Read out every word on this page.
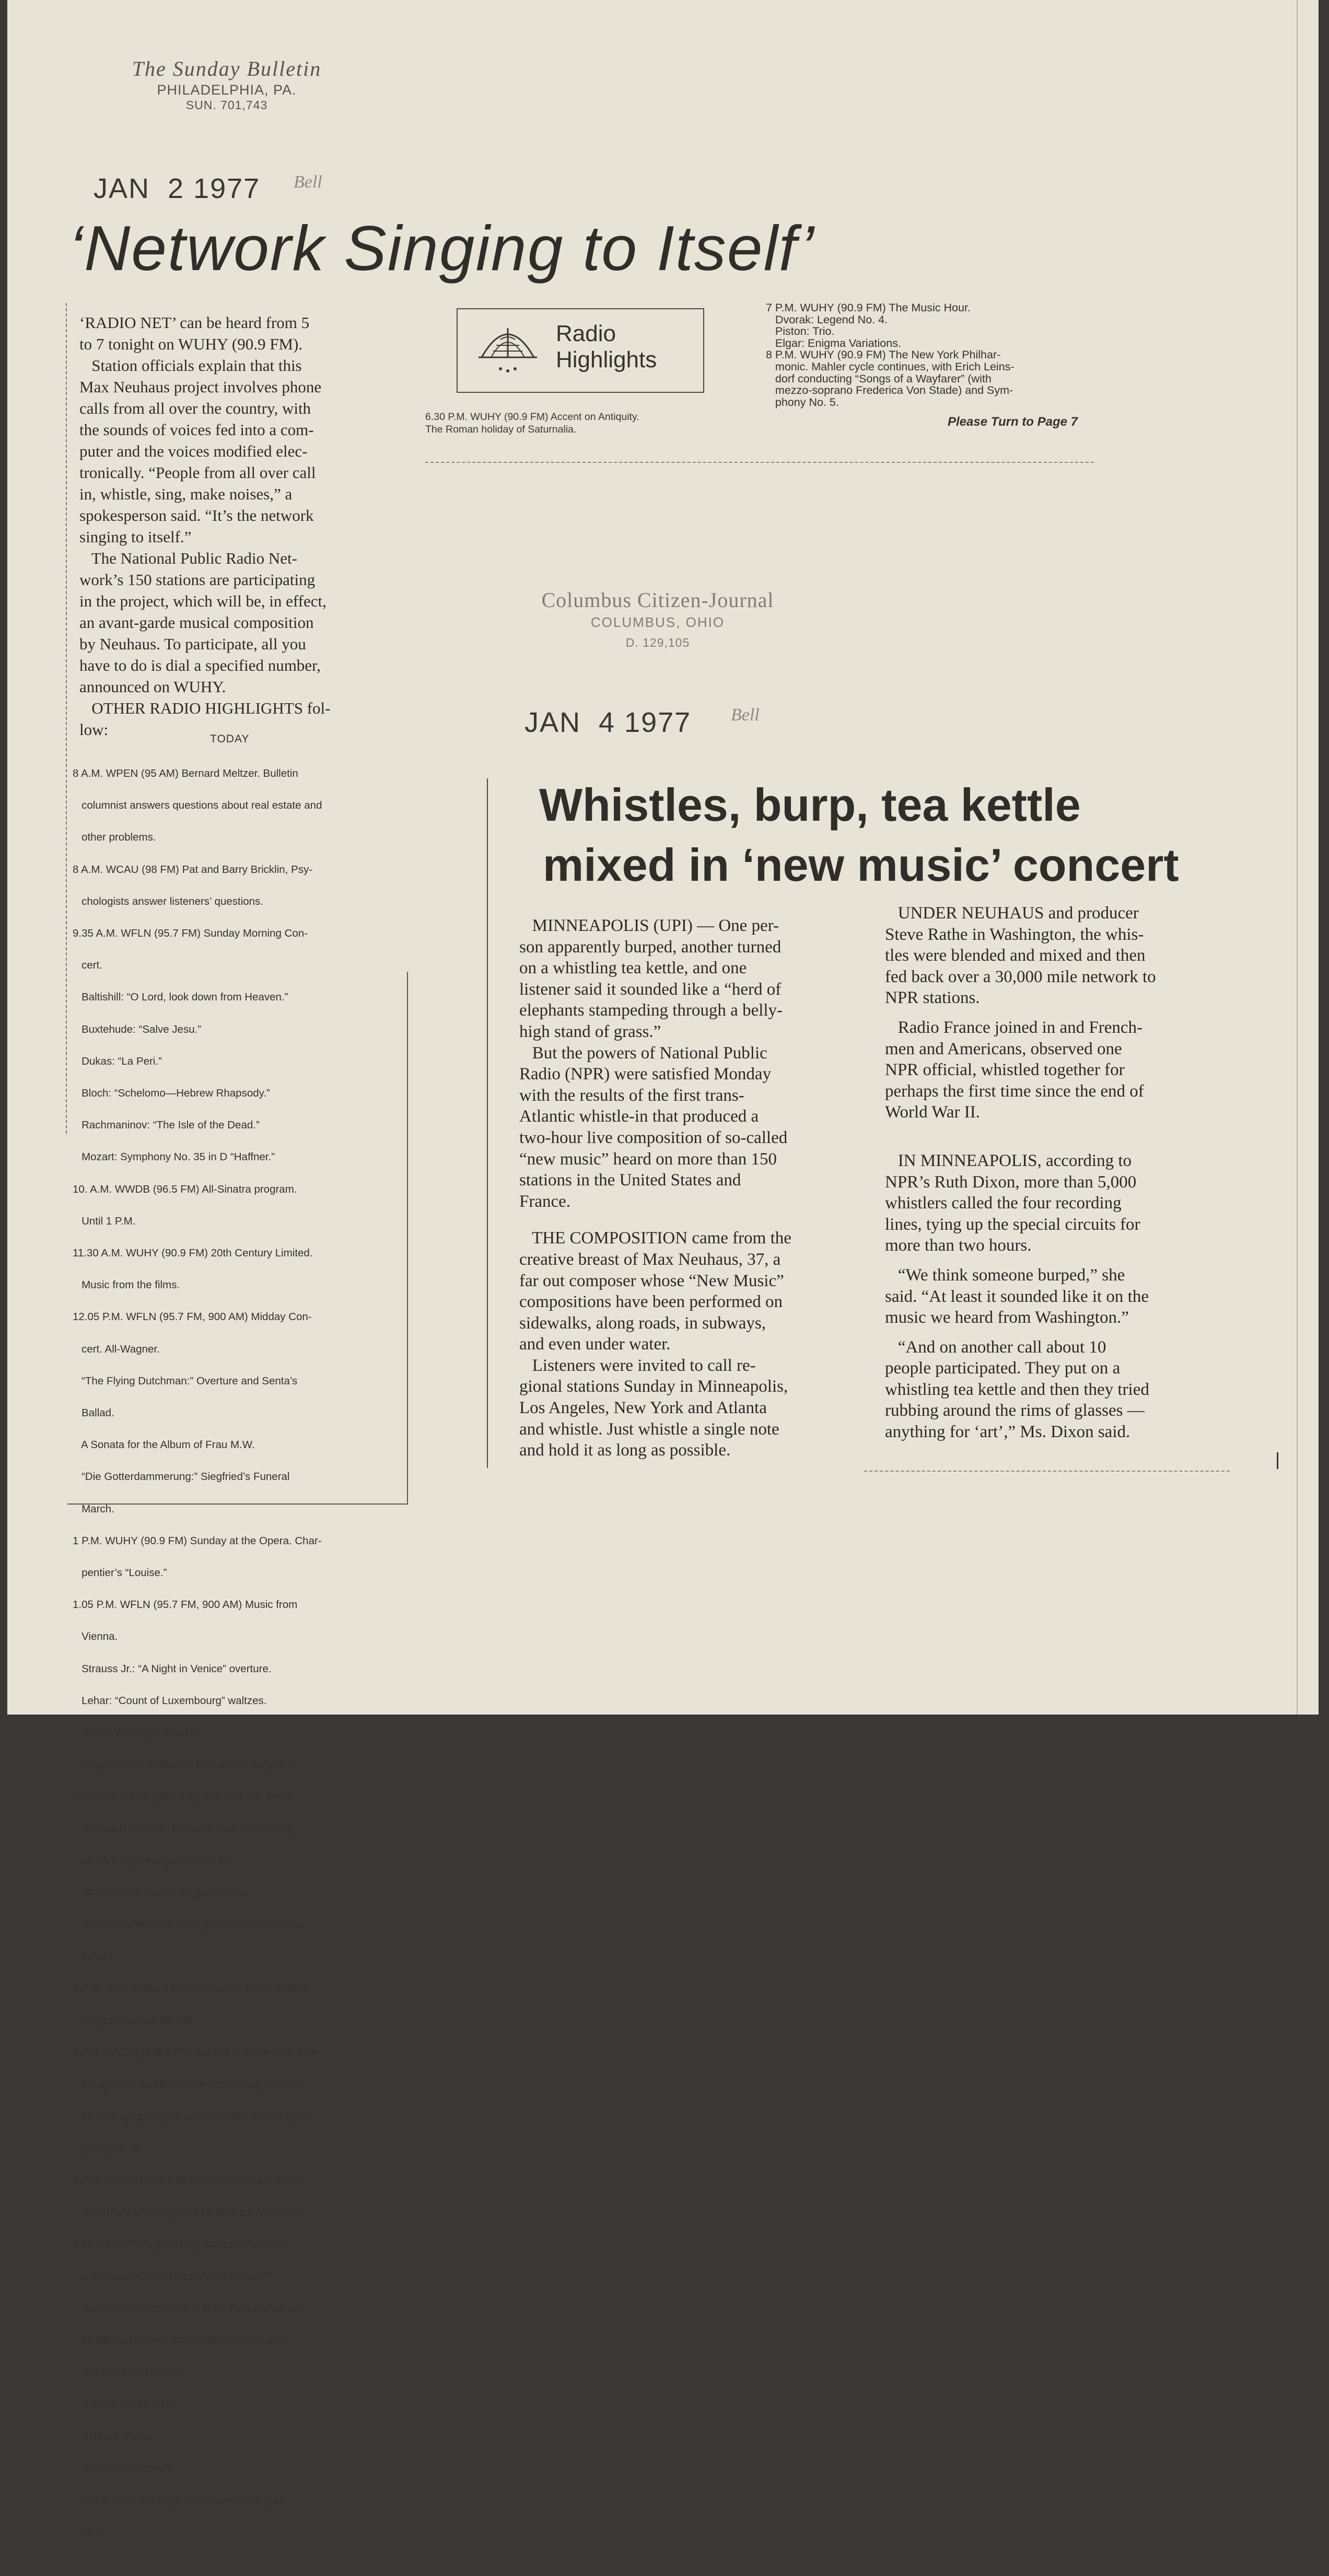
The Sunday Bulletin
PHILADELPHIA, PA.
SUN. 701,743
JAN  2 1977 Bell
‘Network Singing to Itself’
‘RADIO NET’ can be heard from 5
to 7 tonight on WUHY (90.9 FM).
Station officials explain that this
Max Neuhaus project involves phone
calls from all over the country, with
the sounds of voices fed into a com-
puter and the voices modified elec-
tronically. “People from all over call
in, whistle, sing, make noises,” a
spokesperson said. “It’s the network
singing to itself.”
The National Public Radio Net-
work’s 150 stations are participating
in the project, which will be, in effect,
an avant-garde musical composition
by Neuhaus. To participate, all you
have to do is dial a specified number,
announced on WUHY.
OTHER RADIO HIGHLIGHTS fol-
low:
TODAY

8 A.M. WPEN (95 AM) Bernard Meltzer. Bulletin

columnist answers questions about real estate and

other problems.

8 A.M. WCAU (98 FM) Pat and Barry Bricklin, Psy-

chologists answer listeners’ questions.

9.35 A.M. WFLN (95.7 FM) Sunday Morning Con-

cert.

Baltishill: “O Lord, look down from Heaven.”

Buxtehude: “Salve Jesu.”

Dukas: “La Peri.”

Bloch: “Schelomo—Hebrew Rhapsody.”

Rachmaninov: “The Isle of the Dead.”

Mozart: Symphony No. 35 in D “Haffner.”

10. A.M. WWDB (96.5 FM) All-Sinatra program.

Until 1 P.M.

11.30 A.M. WUHY (90.9 FM) 20th Century Limited.

Music from the films.

12.05 P.M. WFLN (95.7 FM, 900 AM) Midday Con-

cert. All-Wagner.

“The Flying Dutchman:” Overture and Senta’s

Ballad.

A Sonata for the Album of Frau M.W.

“Die Gotterdammerung:” Siegfried’s Funeral

March.

1 P.M. WUHY (90.9 FM) Sunday at the Opera. Char-

pentier’s “Louise.”

1.05 P.M. WFLN (95.7 FM, 900 AM) Music from

Vienna.

Strauss Jr.: “A Night in Venice” overture.

Lehar: “Count of Luxembourg” waltzes.

Danzi: Wind Quintet in G.

Wagner: “Die Walkure:” Ride of the Valkyries.

2.05 P.M. WFLN (95.7 FM, 900 AM) The Phila-

delphia Orchestra, Riccardo Muti conducting.

Mozart: Symphony no. 25 in G.

Stravinsky: Four Norwegian Moods.

Berlioz: Symphonic excerpts from “Romeo and

Juliet.”

3 P.M. WWDB (96.5 FM) Consumer Show. Call in

program to Max Weiner.

3 P.M. WKDN (106.9 FM) Sacred Concert Hall. Fea-

turing Jacques Horenstein conducting the Pro

Musica Symphony of Vienna in Bruckner’s Sym-

phony No. 9.

4 P.M. WUHY (90.9 FM) Options. Explorer Thor

Heyerdahl is interviewed by Barbara Newman.

5.05 P.M. WFLN (95.7 FM) Concert Matinee.

Schumann: Overture to “Julius Caesar.”

Haydn: Concerto no. 3 in G for flute and oboe.

Tchaikovsky: “The Voyevode” entr’acte and

Dances of the Maids.

Rameau: Menuets.

Schulze: Suite.

Dowland: Farewell.

Monteverdi: Madrigal: “Ooni amante e guer-

rier.”

Radio
Highlights
6.30 P.M. WUHY (90.9 FM) Accent on Antiquity.
The Roman holiday of Saturnalia.
7 P.M. WUHY (90.9 FM) The Music Hour.
Dvorak: Legend No. 4.
Piston: Trio.
Elgar: Enigma Variations.
8 P.M. WUHY (90.9 FM) The New York Philhar-
monic. Mahler cycle continues, with Erich Leins-
dorf conducting “Songs of a Wayfarer” (with
mezzo-soprano Frederica Von Stade) and Sym-
phony No. 5.
Please Turn to Page 7
Columbus Citizen-Journal
COLUMBUS, OHIO
D. 129,105
JAN  4 1977 Bell
Whistles, burp, tea kettle
mixed in ‘new music’ concert
MINNEAPOLIS (UPI) — One per-
son apparently burped, another turned
on a whistling tea kettle, and one
listener said it sounded like a “herd of
elephants stampeding through a belly-
high stand of grass.”
But the powers of National Public
Radio (NPR) were satisfied Monday
with the results of the first trans-
Atlantic whistle-in that produced a
two-hour live composition of so-called
“new music” heard on more than 150
stations in the United States and
France.
THE COMPOSITION came from the
creative breast of Max Neuhaus, 37, a
far out composer whose “New Music”
compositions have been performed on
sidewalks, along roads, in subways,
and even under water.
Listeners were invited to call re-
gional stations Sunday in Minneapolis,
Los Angeles, New York and Atlanta
and whistle. Just whistle a single note
and hold it as long as possible.
UNDER NEUHAUS and producer
Steve Rathe in Washington, the whis-
tles were blended and mixed and then
fed back over a 30,000 mile network to
NPR stations.
Radio France joined in and French-
men and Americans, observed one
NPR official, whistled together for
perhaps the first time since the end of
World War II.
IN MINNEAPOLIS, according to
NPR’s Ruth Dixon, more than 5,000
whistlers called the four recording
lines, tying up the special circuits for
more than two hours.
“We think someone burped,” she
said. “At least it sounded like it on the
music we heard from Washington.”
“And on another call about 10
people participated. They put on a
whistling tea kettle and then they tried
rubbing around the rims of glasses —
anything for ‘art’,” Ms. Dixon said.
